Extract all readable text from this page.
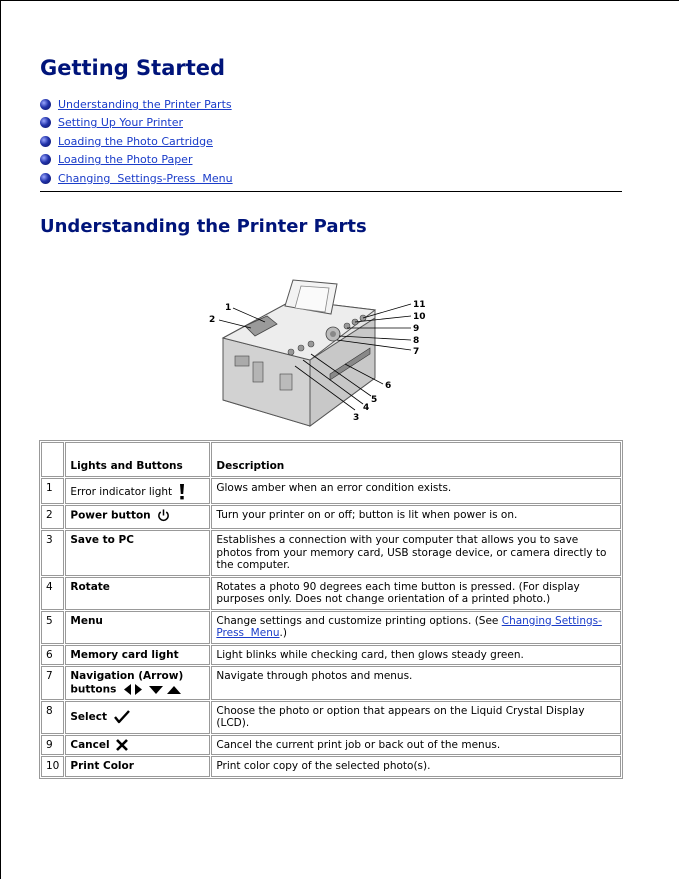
Getting Started
Understanding the Printer Parts
Setting Up Your Printer
Loading the Photo Cartridge
Loading the Photo Paper
Changing  Settings-Press  Menu
Understanding the Printer Parts
1
2
3
4
5
6
7
8
9
10
11
	Lights and Buttons	Description
1	Error indicator light	Glows amber when an error condition exists.
2	Power button	Turn your printer on or off; button is lit when power is on.
3	Save to PC	Establishes a connection with your computer that allows you to save photos from your memory card, USB storage device, or camera directly to the computer.
4	Rotate	Rotates a photo 90 degrees each time button is pressed. (For display purposes only. Does not change orientation of a printed photo.)
5	Menu	Change settings and customize printing options. (See Changing Settings-Press  Menu.)
6	Memory card light	Light blinks while checking card, then glows steady green.
7	Navigation (Arrow) buttons	Navigate through photos and menus.
8	Select	Choose the photo or option that appears on the Liquid Crystal Display (LCD).
9	Cancel	Cancel the current print job or back out of the menus.
10	Print Color	Print color copy of the selected photo(s).
